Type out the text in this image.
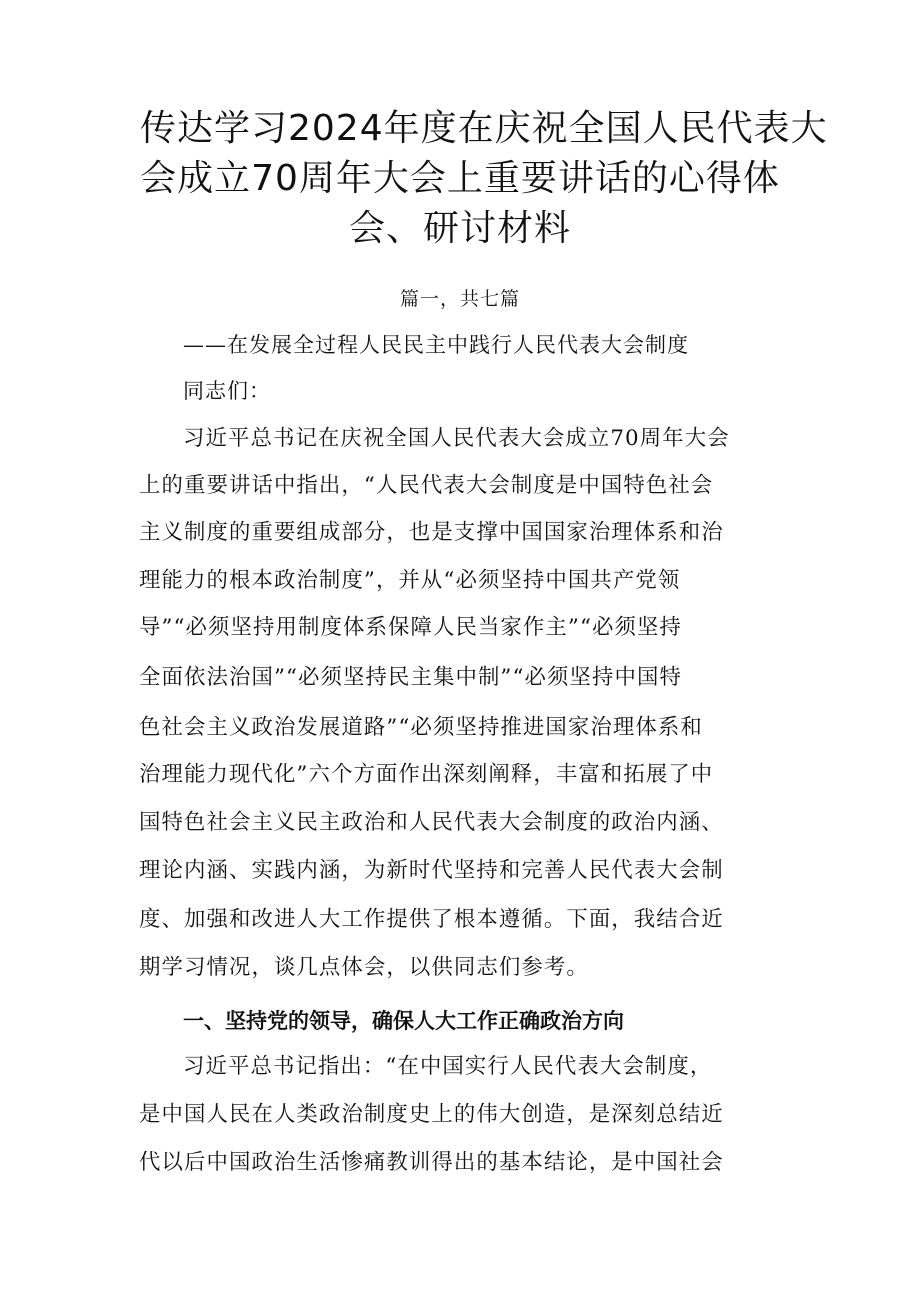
传达学习2024年度在庆祝全国人民代表大
会成立70周年大会上重要讲话的心得体
会、研讨材料
篇一，共七篇
——在发展全过程人民民主中践行人民代表大会制度
同志们：
习近平总书记在庆祝全国人民代表大会成立70周年大会
上的重要讲话中指出，“人民代表大会制度是中国特色社会
主义制度的重要组成部分，也是支撑中国国家治理体系和治
理能力的根本政治制度”，并从“必须坚持中国共产党领
导”“必须坚持用制度体系保障人民当家作主”“必须坚持
全面依法治国”“必须坚持民主集中制”“必须坚持中国特
色社会主义政治发展道路”“必须坚持推进国家治理体系和
治理能力现代化”六个方面作出深刻阐释，丰富和拓展了中
国特色社会主义民主政治和人民代表大会制度的政治内涵、
理论内涵、实践内涵，为新时代坚持和完善人民代表大会制
度、加强和改进人大工作提供了根本遵循。下面，我结合近
期学习情况，谈几点体会，以供同志们参考。
一、坚持党的领导，确保人大工作正确政治方向
习近平总书记指出：“在中国实行人民代表大会制度，
是中国人民在人类政治制度史上的伟大创造，是深刻总结近
代以后中国政治生活惨痛教训得出的基本结论，是中国社会
